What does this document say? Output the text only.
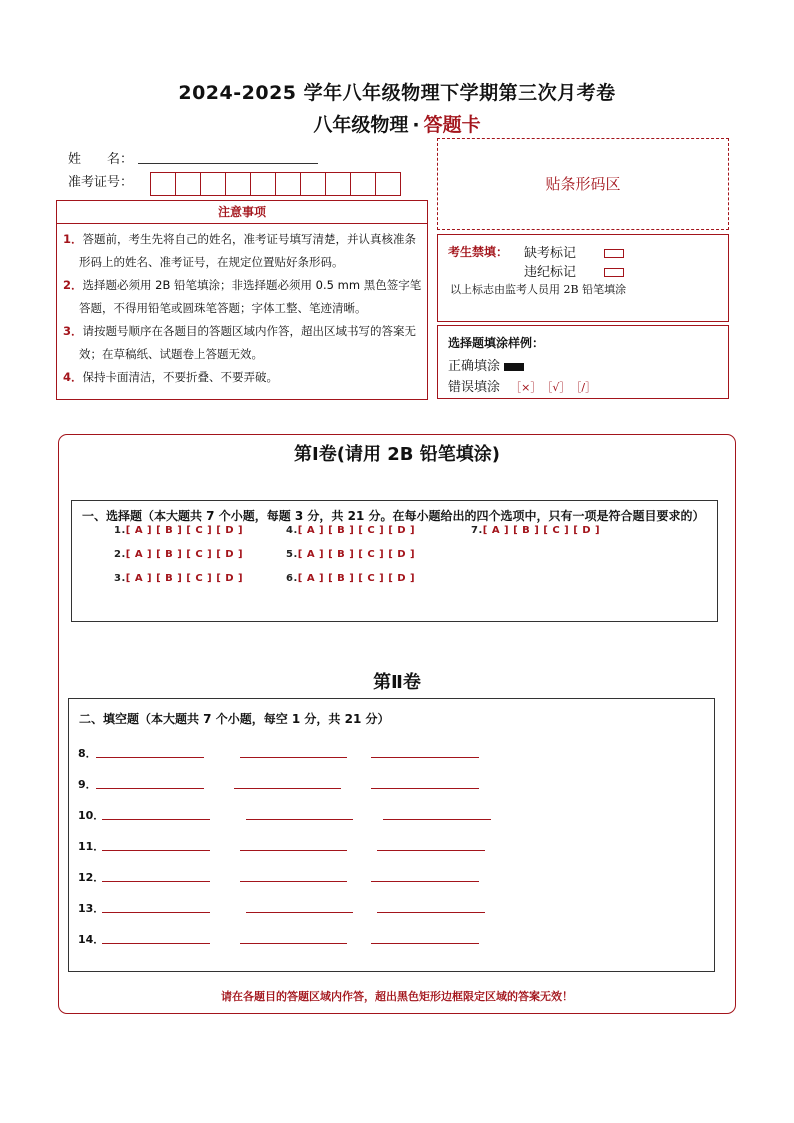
2024-2025 学年八年级物理下学期第三次月考卷
八年级物理 · 答题卡
姓　　名：
准考证号：	贴条形码区
注意事项
1．答题前，考生先将自己的姓名，准考证号填写清楚，并认真核准条形码上的姓名、准考证号，在规定位置贴好条形码。
2．选择题必须用 2B 铅笔填涂；非选择题必须用 0.5 mm 黑色签字笔答题，不得用铅笔或圆珠笔答题；字体工整、笔迹清晰。
3．请按题号顺序在各题目的答题区域内作答，超出区域书写的答案无效；在草稿纸、试题卷上答题无效。
4．保持卡面清洁，不要折叠、不要弄破。
考生禁填： 缺考标记
违纪标记
以上标志由监考人员用 2B 铅笔填涂
选择题填涂样例：
正确填涂
错误填涂 ［×］　［√］　［/］
第Ⅰ卷(请用 2B 铅笔填涂)
一、选择题（本大题共 7 个小题，每题 3 分，共 21 分。在每小题给出的四个选项中，只有一项是符合题目要求的）
1.[ A ] [ B ] [ C ] [ D ]
2.[ A ] [ B ] [ C ] [ D ]
3.[ A ] [ B ] [ C ] [ D ]
4.[ A ] [ B ] [ C ] [ D ]
5.[ A ] [ B ] [ C ] [ D ]
6.[ A ] [ B ] [ C ] [ D ]
7.[ A ] [ B ] [ C ] [ D ]
第Ⅱ卷
二、填空题（本大题共 7 个小题，每空 1 分，共 21 分）
8．
9．
10．
11．
12．
13．
14．
请在各题目的答题区域内作答，超出黑色矩形边框限定区域的答案无效！
